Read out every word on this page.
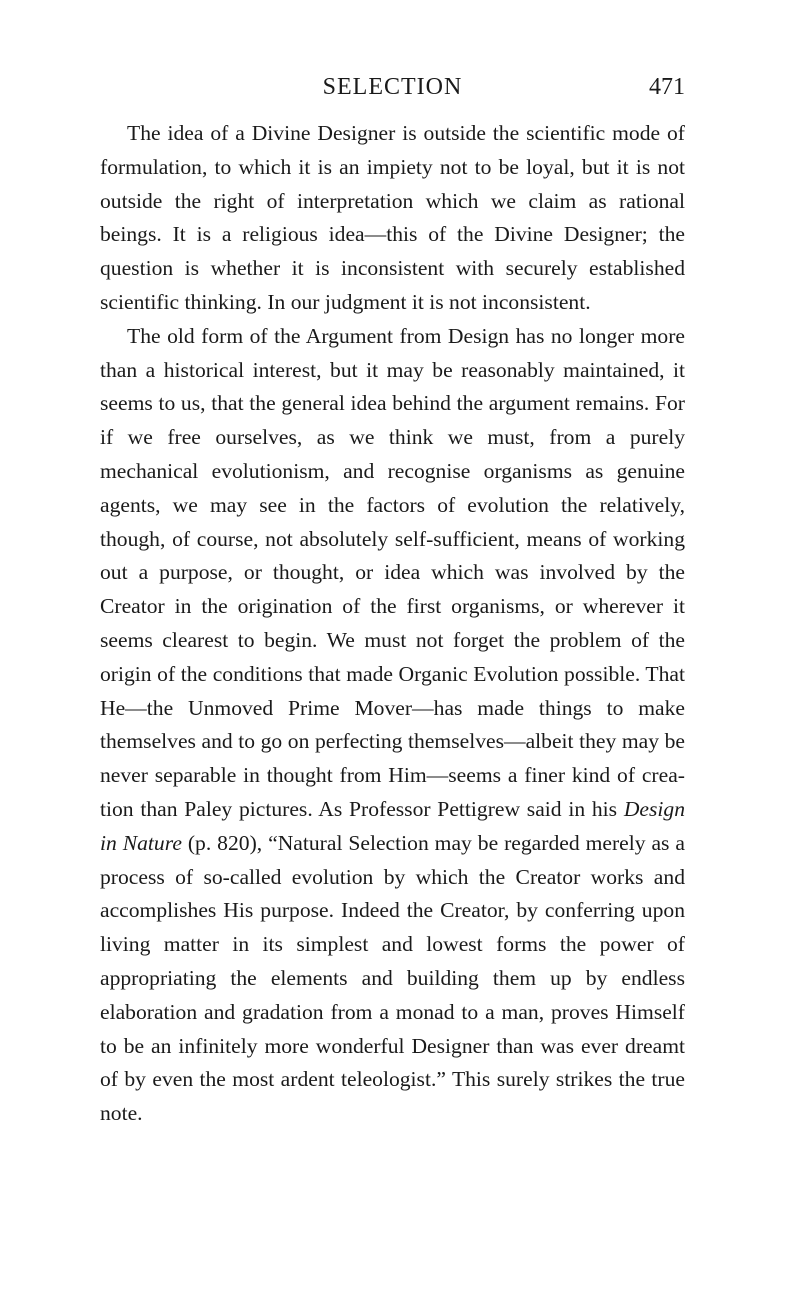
SELECTION	471

The idea of a Divine Designer is outside the scientific mode of formulation, to which it is an impiety not to be loyal, but it is not outside the right of interpretation which we claim as rational beings. It is a religious idea—this of the Divine Designer; the question is whether it is inconsistent with securely established scientific thinking. In our judgment it is not inconsistent.

The old form of the Argument from Design has no longer more than a historical interest, but it may be reasonably maintained, it seems to us, that the general idea behind the argument remains. For if we free ourselves, as we think we must, from a purely mechanical evolutionism, and recognise organisms as genuine agents, we may see in the factors of evolution the relatively, though, of course, not absolutely self-sufficient, means of working out a purpose, or thought, or idea which was involved by the Creator in the origination of the first organisms, or wherever it seems clearest to begin. We must not forget the problem of the origin of the conditions that made Organic Evolution possible. That He—the Unmoved Prime Mover—has made things to make themselves and to go on perfecting themselves—albeit they may be never separable in thought from Him—seems a finer kind of creation than Paley pictures. As Professor Pettigrew said in his Design in Nature (p. 820), “Natural Selection may be regarded merely as a process of so-called evolution by which the Creator works and accomplishes His purpose. Indeed the Creator, by conferring upon living matter in its simplest and lowest forms the power of appropriating the elements and building them up by endless elaboration and gradation from a monad to a man, proves Himself to be an infinitely more wonderful Designer than was ever dreamt of by even the most ardent teleologist.” This surely strikes the true note.
